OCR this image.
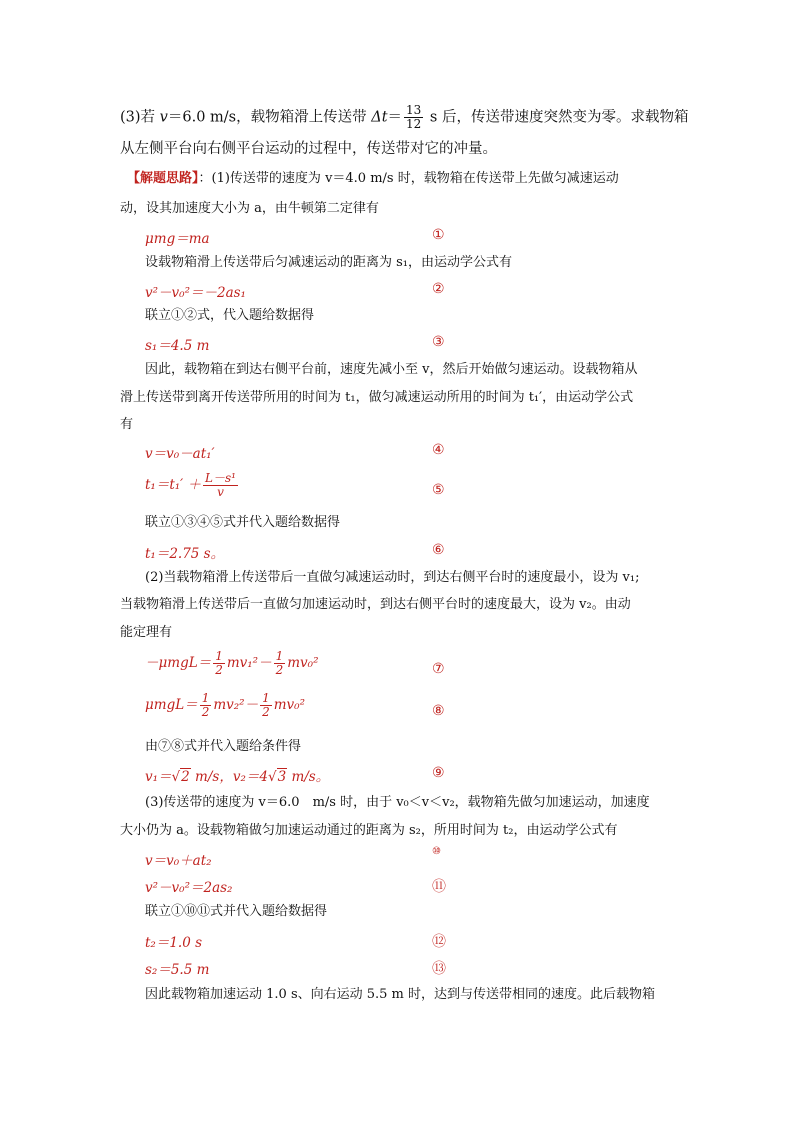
(3)若 v＝6.0 m/s，载物箱滑上传送带 $\Delta t= \frac{13}{12}$ s 后，传送带速度突然变为零。求载物箱
从左侧平台向右侧平台运动的过程中，传送带对它的冲量。
【解题思路】：(1)传送带的速度为 v＝4.0 m/s 时，载物箱在传送带上先做匀减速运动
动，设其加速度大小为 a，由牛顿第二定律有
μmg＝ma	①
设载物箱滑上传送带后匀减速运动的距离为 s₁，由运动学公式有
v²－v₀²＝－2as₁	②
联立①②式，代入题给数据得
s₁＝4.5 m	③
因此，载物箱在到达右侧平台前，速度先减小至 v，然后开始做匀速运动。设载物箱从
滑上传送带到离开传送带所用的时间为 t₁，做匀减速运动所用的时间为 t₁′，由运动学公式
有
v＝v₀－at₁′	④
$t_1=t_1' + \frac{\text{L－s¹}}{v}$	⑤
联立①③④⑤式并代入题给数据得
t₁＝2.75 s。	⑥
(2)当载物箱滑上传送带后一直做匀减速运动时，到达右侧平台时的速度最小，设为 v₁;
当载物箱滑上传送带后一直做匀加速运动时，到达右侧平台时的速度最大，设为 v₂。由动
能定理有
$-\mu mgL= \frac{1}{2} mv_1^2- \frac{1}{2} mv_0^2$	⑦
$\mu mgL= \frac{1}{2} mv_2^2- \frac{1}{2} mv_0^2$	⑧
由⑦⑧式并代入题给条件得
v₁＝√2 m/s，v₂＝4√3 m/s。	⑨
(3)传送带的速度为 v＝6.0　m/s 时，由于 v₀＜v＜v₂，载物箱先做匀加速运动，加速度
大小仍为 a。设载物箱做匀加速运动通过的距离为 s₂，所用时间为 t₂，由运动学公式有
v＝v₀＋at₂
⑩
v²－v₀²＝2as₂	⑪
联立①⑩⑪式并代入题给数据得
t₂＝1.0 s	⑫
s₂＝5.5 m	⑬
因此载物箱加速运动 1.0 s、向右运动 5.5 m 时，达到与传送带相同的速度。此后载物箱
